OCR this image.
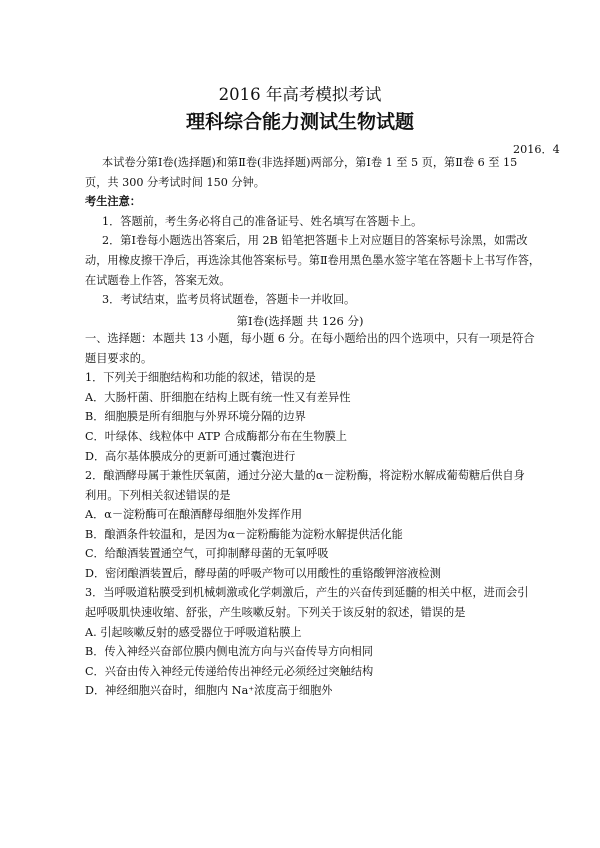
2016 年高考模拟考试
理科综合能力测试生物试题
2016．4
本试卷分第Ⅰ卷(选择题)和第Ⅱ卷(非选择题)两部分，第Ⅰ卷 1 至 5 页，第Ⅱ卷 6 至 15
页，共 300 分考试时间 150 分钟。
考生注意：
1．答题前，考生务必将自己的准备证号、姓名填写在答题卡上。
2．第Ⅰ卷每小题选出答案后，用 2B 铅笔把答题卡上对应题目的答案标号涂黑，如需改
动，用橡皮擦干净后，再选涂其他答案标号。第Ⅱ卷用黑色墨水签字笔在答题卡上书写作答，
在试题卷上作答，答案无效。
3．考试结束，监考员将试题卷，答题卡一并收回。
第Ⅰ卷(选择题 共 126 分)
一、选择题：本题共 13 小题，每小题 6 分。在每小题给出的四个选项中，只有一项是符合
题目要求的。
1．下列关于细胞结构和功能的叙述，错误的是
A．大肠杆菌、肝细胞在结构上既有统一性又有差异性
B．细胞膜是所有细胞与外界环境分隔的边界
C．叶绿体、线粒体中 ATP 合成酶都分布在生物膜上
D．高尔基体膜成分的更新可通过囊泡进行
2．酿酒酵母属于兼性厌氧菌，通过分泌大量的α－淀粉酶，将淀粉水解成葡萄糖后供自身
利用。下列相关叙述错误的是
A．α－淀粉酶可在酿酒酵母细胞外发挥作用
B．酿酒条件较温和，是因为α－淀粉酶能为淀粉水解提供活化能
C．给酿酒装置通空气，可抑制酵母菌的无氧呼吸
D．密闭酿酒装置后，酵母菌的呼吸产物可以用酸性的重铬酸钾溶液检测
3．当呼吸道粘膜受到机械刺激或化学刺激后，产生的兴奋传到延髓的相关中枢，进而会引
起呼吸肌快速收缩、舒张，产生咳嗽反射。下列关于该反射的叙述，错误的是
A. 引起咳嗽反射的感受器位于呼吸道粘膜上
B．传入神经兴奋部位膜内侧电流方向与兴奋传导方向相同
C．兴奋由传入神经元传递给传出神经元必须经过突触结构
D．神经细胞兴奋时，细胞内 Na⁺浓度高于细胞外
